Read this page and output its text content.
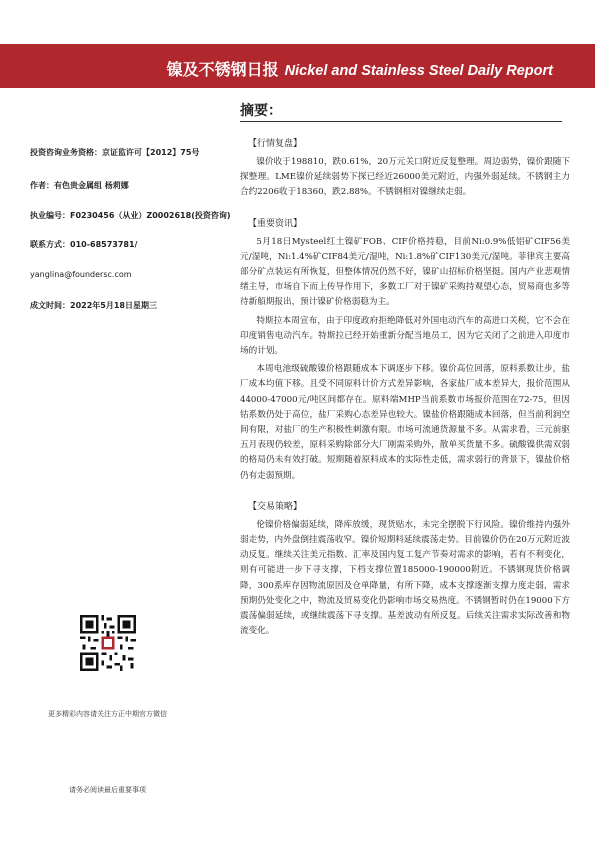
镍及不锈钢日报 Nickel and Stainless Steel Daily Report
摘要：
投资咨询业务资格：京证监许可【2012】75号
作者：有色贵金属组 杨莉娜
执业编号：F0230456（从业）Z0002618(投资咨询)
联系方式：010-68573781/
yanglina@foundersc.com
成文时间：2022年5月18日星期三
更多精彩内容请关注方正中期官方微信
请务必阅读最后重要事项
【行情复盘】

镍价收于198810，跌0.61%，20万元关口附近反复整理。周边弱势，镍价跟随下探整理。LME镍价延续弱势下探已经近26000美元附近，内强外弱延续。不锈钢主力合约2206收于18360，跌2.88%。不锈钢相对镍继续走弱。

【重要资讯】

5月18日Mysteel红土镍矿FOB、CIF价格持稳，目前Ni:0.9%低铝矿CIF56美元/湿吨，Ni:1.4%矿CIF84美元/湿吨，Ni:1.8%矿CIF130美元/湿吨。菲律宾主要高部分矿点装运有所恢复，但整体情况仍然不好，镍矿山招标价格坚挺。国内产业悲观情绪主导，市场自下而上传导作用下，多数工厂对于镍矿采购持观望心态，贸易商也多等待新船期报出，预计镍矿价格弱稳为主。

特斯拉本周宣布，由于印度政府拒绝降低对外国电动汽车的高进口关税，它不会在印度销售电动汽车。特斯拉已经开始重新分配当地员工，因为它关闭了之前进入印度市场的计划。

本周电池级硫酸镍价格跟随成本下调逐步下移。镍价高位回落，原料系数让步，盐厂成本均值下移。且受不同原料计价方式差异影响，各家盐厂成本差异大，报价范围从44000-47000元/吨区间都存在。原料端MHP当前系数市场报价范围在72-75，但因钴系数仍处于高位，盐厂采购心态差异也较大。镍盐价格跟随成本回落，但当前利润空间有限，对盐厂的生产积极性刺激有限。市场可流通货源量不多。从需求看，三元前驱五月表现仍较差，原料采购除部分大厂刚需采购外，散单买货量不多。硫酸镍供需双弱的格局仍未有效打破。短期随着原料成本的实际性走低，需求弱行的背景下，镍盐价格仍有走弱预期。

【交易策略】

伦镍价格偏弱延续，降库放缓，现货贴水，未完全摆脱下行风险。镍价维持内强外弱走势，内外盘倒挂震荡收窄。镍价短期料延续震荡走势。目前镍价仍在20万元附近波动反复。继续关注美元指数、汇率及国内复工复产节奏对需求的影响，若有不利变化，则有可能进一步下寻支撑，下档支撑位置185000-190000附近。不锈钢现货价格调降，300系库存因物流原因及仓单降量，有所下降，成本支撑逐渐支撑力度走弱，需求预期仍处变化之中，物流及贸易变化仍影响市场交易热度。不锈钢暂时仍在19000下方震荡偏弱延续，或继续震荡下寻支撑。基差波动有所反复。后续关注需求实际改善和物流变化。
